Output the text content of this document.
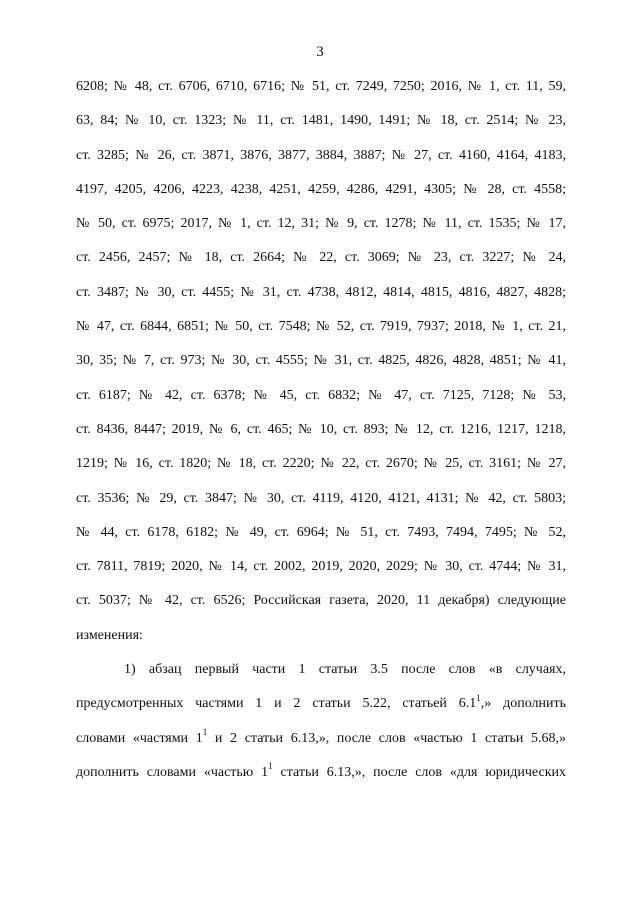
3
6208; № 48, ст. 6706, 6710, 6716; № 51, ст. 7249, 7250; 2016, № 1, ст. 11, 59,
63, 84; № 10, ст. 1323; № 11, ст. 1481, 1490, 1491; № 18, ст. 2514; № 23,
ст. 3285; № 26, ст. 3871, 3876, 3877, 3884, 3887; № 27, ст. 4160, 4164, 4183,
4197, 4205, 4206, 4223, 4238, 4251, 4259, 4286, 4291, 4305; № 28, ст. 4558;
№ 50, ст. 6975; 2017, № 1, ст. 12, 31; № 9, ст. 1278; № 11, ст. 1535; № 17,
ст. 2456, 2457; № 18, ст. 2664; № 22, ст. 3069; № 23, ст. 3227; № 24,
ст. 3487; № 30, ст. 4455; № 31, ст. 4738, 4812, 4814, 4815, 4816, 4827, 4828;
№ 47, ст. 6844, 6851; № 50, ст. 7548; № 52, ст. 7919, 7937; 2018, № 1, ст. 21,
30, 35; № 7, ст. 973; № 30, ст. 4555; № 31, ст. 4825, 4826, 4828, 4851; № 41,
ст. 6187; № 42, ст. 6378; № 45, ст. 6832; № 47, ст. 7125, 7128; № 53,
ст. 8436, 8447; 2019, № 6, ст. 465; № 10, ст. 893; № 12, ст. 1216, 1217, 1218,
1219; № 16, ст. 1820; № 18, ст. 2220; № 22, ст. 2670; № 25, ст. 3161; № 27,
ст. 3536; № 29, ст. 3847; № 30, ст. 4119, 4120, 4121, 4131; № 42, ст. 5803;
№ 44, ст. 6178, 6182; № 49, ст. 6964; № 51, ст. 7493, 7494, 7495; № 52,
ст. 7811, 7819; 2020, № 14, ст. 2002, 2019, 2020, 2029; № 30, ст. 4744; № 31,
ст. 5037; № 42, ст. 6526; Российская газета, 2020, 11 декабря) следующие
изменения:
1) абзац первый части 1 статьи 3.5 после слов «в случаях,
предусмотренных частями 1 и 2 статьи 5.22, статьей $6.1^1$,» дополнить
словами «частями $1^1$ и 2 статьи 6.13,», после слов «частью 1 статьи 5.68,»
дополнить словами «частью $1^1$ статьи 6.13,», после слов «для юридических
